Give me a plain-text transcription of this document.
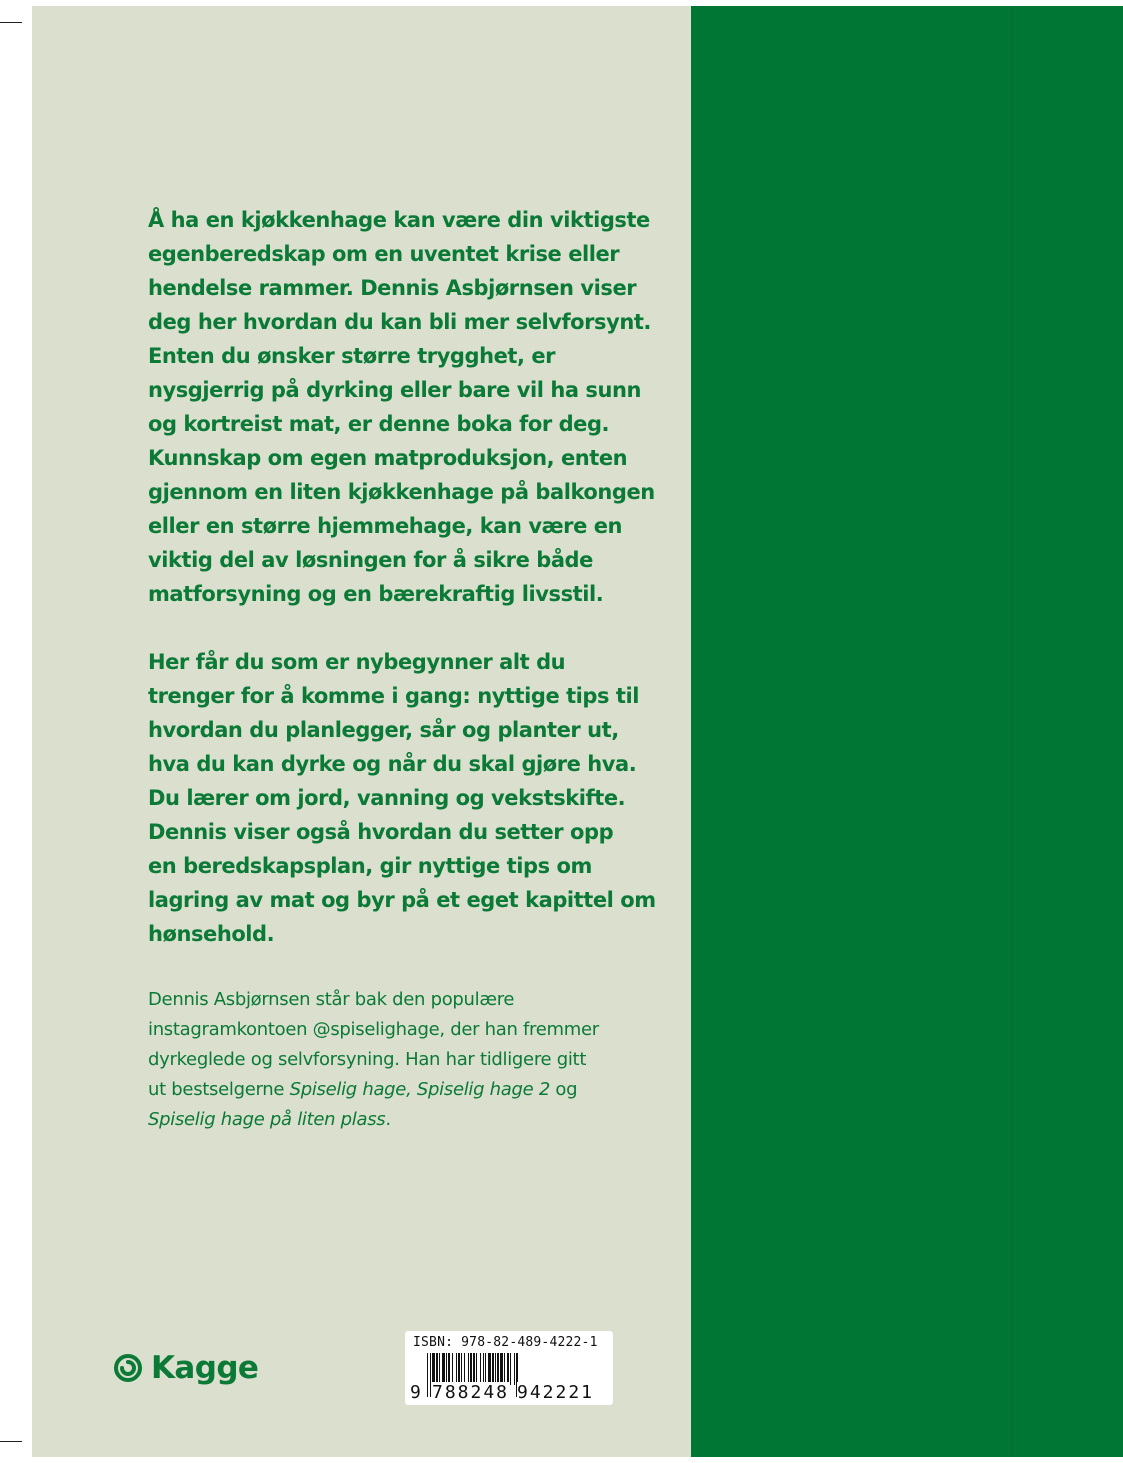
Å ha en kjøkkenhage kan være din viktigste
egenberedskap om en uventet krise eller
hendelse rammer. Dennis Asbjørnsen viser
deg her hvordan du kan bli mer selvforsynt.
Enten du ønsker større trygghet, er
nysgjerrig på dyrking eller bare vil ha sunn
og kortreist mat, er denne boka for deg.
Kunnskap om egen matproduksjon, enten
gjennom en liten kjøkkenhage på balkongen
eller en større hjemmehage, kan være en
viktig del av løsningen for å sikre både
matforsyning og en bærekraftig livsstil.

Her får du som er nybegynner alt du
trenger for å komme i gang: nyttige tips til
hvordan du planlegger, sår og planter ut,
hva du kan dyrke og når du skal gjøre hva.
Du lærer om jord, vanning og vekstskifte.
Dennis viser også hvordan du setter opp
en beredskapsplan, gir nyttige tips om
lagring av mat og byr på et eget kapittel om
hønsehold.

Dennis Asbjørnsen står bak den populære
instagramkontoen @spiselighage, der han fremmer
dyrkeglede og selvforsyning. Han har tidligere gitt
ut bestselgerne Spiselig hage, Spiselig hage 2 og
Spiselig hage på liten plass.

Kagge
ISBN: 978-82-489-4222-1
9 788248 942221
